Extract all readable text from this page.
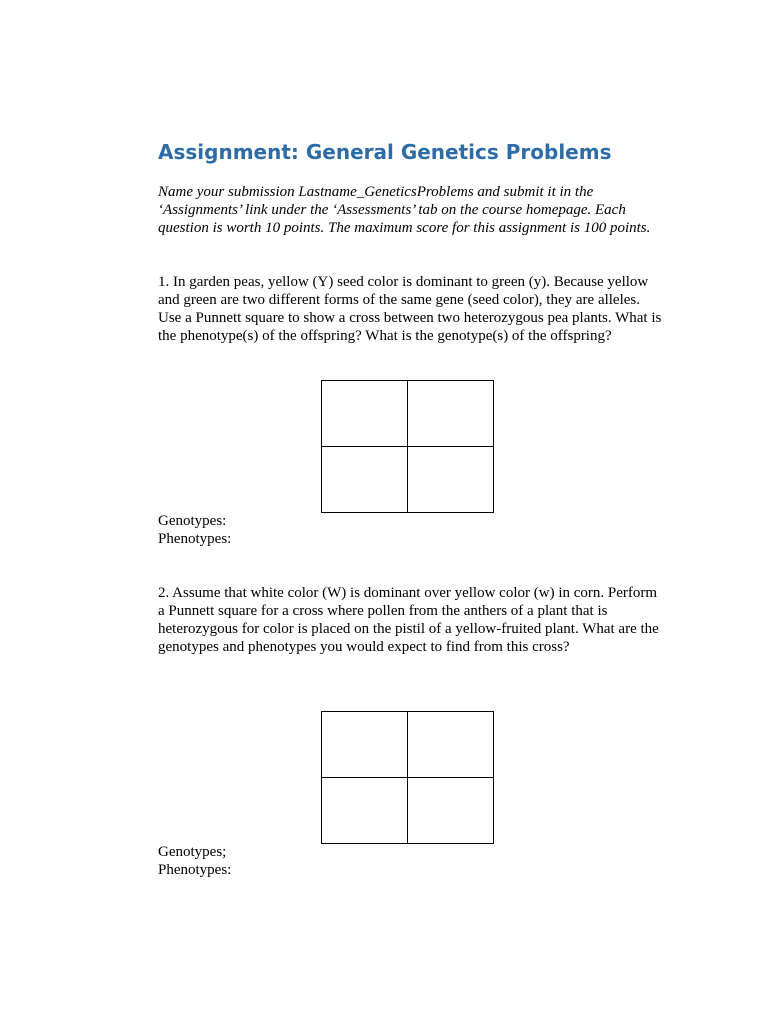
Assignment: General Genetics Problems

Name your submission Lastname_GeneticsProblems and submit it in the ‘Assignments’ link under the ‘Assessments’ tab on the course homepage. Each question is worth 10 points. The maximum score for this assignment is 100 points.

1. In garden peas, yellow (Y) seed color is dominant to green (y). Because yellow and green are two different forms of the same gene (seed color), they are alleles. Use a Punnett square to show a cross between two heterozygous pea plants. What is the phenotype(s) of the offspring? What is the genotype(s) of the offspring?

Genotypes:
Phenotypes:

2. Assume that white color (W) is dominant over yellow color (w) in corn. Perform a Punnett square for a cross where pollen from the anthers of a plant that is heterozygous for color is placed on the pistil of a yellow-fruited plant. What are the genotypes and phenotypes you would expect to find from this cross?

Genotypes;
Phenotypes:
